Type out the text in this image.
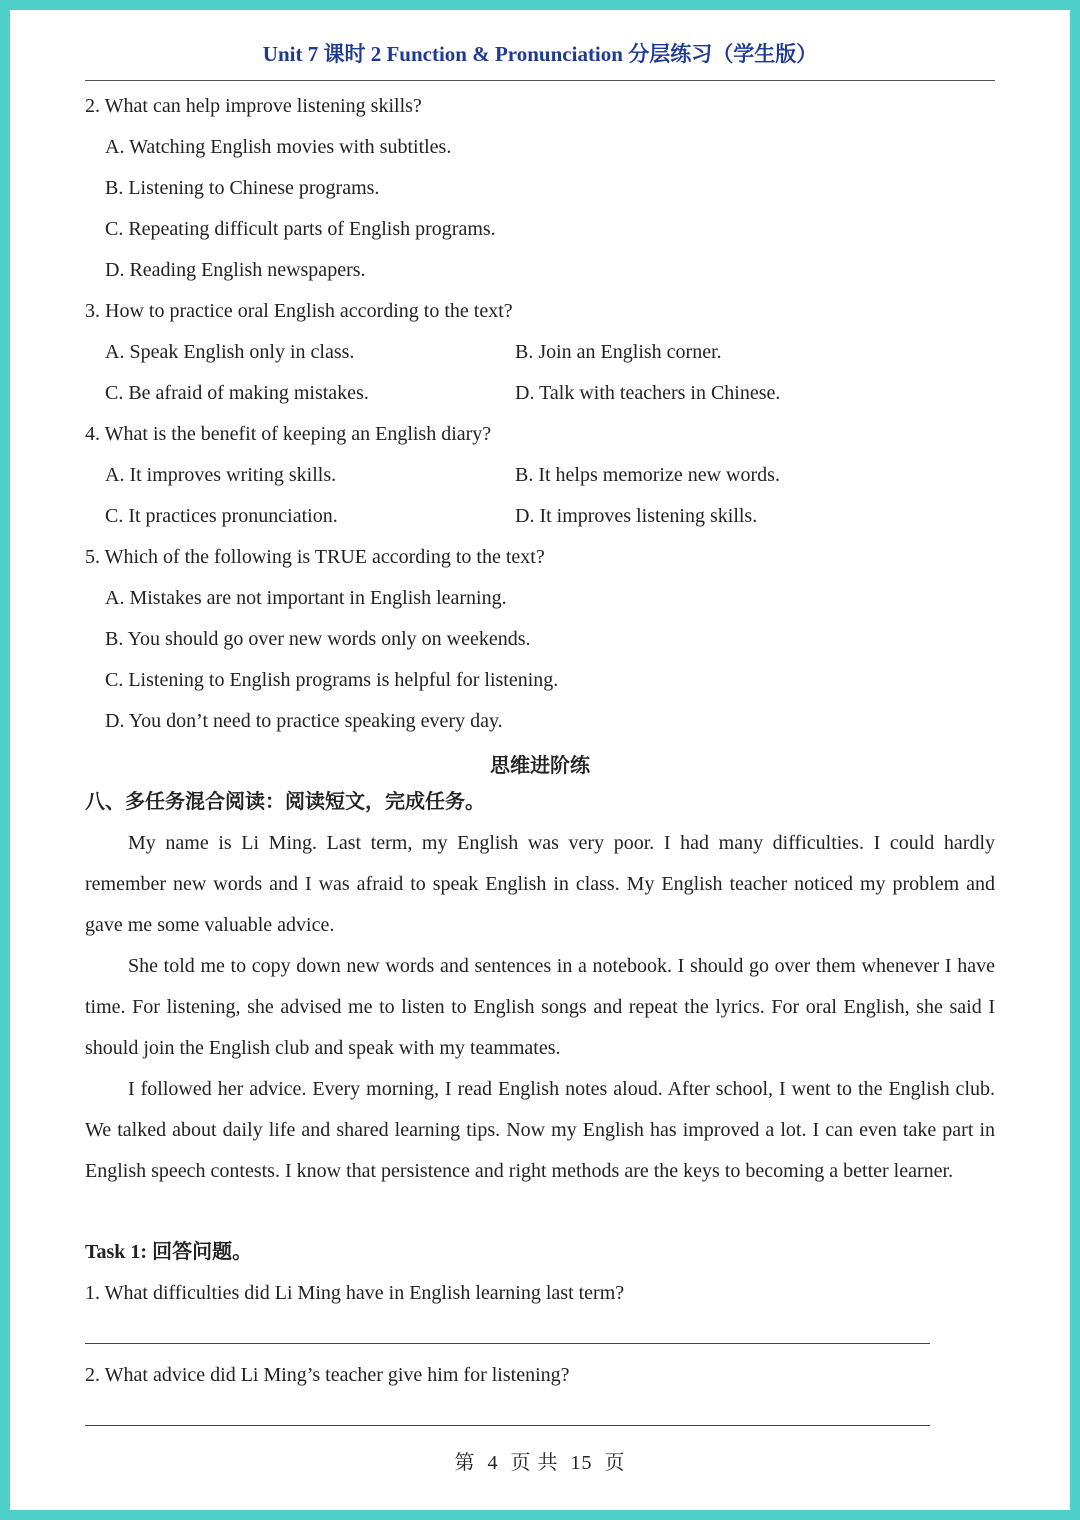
Unit 7 课时 2 Function & Pronunciation 分层练习（学生版）
2. What can help improve listening skills?
A. Watching English movies with subtitles.
B. Listening to Chinese programs.
C. Repeating difficult parts of English programs.
D. Reading English newspapers.
3. How to practice oral English according to the text?
A. Speak English only in class.	B. Join an English corner.
C. Be afraid of making mistakes.	D. Talk with teachers in Chinese.
4. What is the benefit of keeping an English diary?
A. It improves writing skills.	B. It helps memorize new words.
C. It practices pronunciation.	D. It improves listening skills.
5. Which of the following is TRUE according to the text?
A. Mistakes are not important in English learning.
B. You should go over new words only on weekends.
C. Listening to English programs is helpful for listening.
D. You don’t need to practice speaking every day.
思维进阶练
八、多任务混合阅读：阅读短文，完成任务。
My name is Li Ming. Last term, my English was very poor. I had many difficulties. I could hardly remember new words and I was afraid to speak English in class. My English teacher noticed my problem and gave me some valuable advice.
She told me to copy down new words and sentences in a notebook. I should go over them whenever I have time. For listening, she advised me to listen to English songs and repeat the lyrics. For oral English, she said I should join the English club and speak with my teammates.
I followed her advice. Every morning, I read English notes aloud. After school, I went to the English club. We talked about daily life and shared learning tips. Now my English has improved a lot. I can even take part in English speech contests. I know that persistence and right methods are the keys to becoming a better learner.
Task 1: 回答问题。
1. What difficulties did Li Ming have in English learning last term?
2. What advice did Li Ming’s teacher give him for listening?
第 4 页 共 15 页
